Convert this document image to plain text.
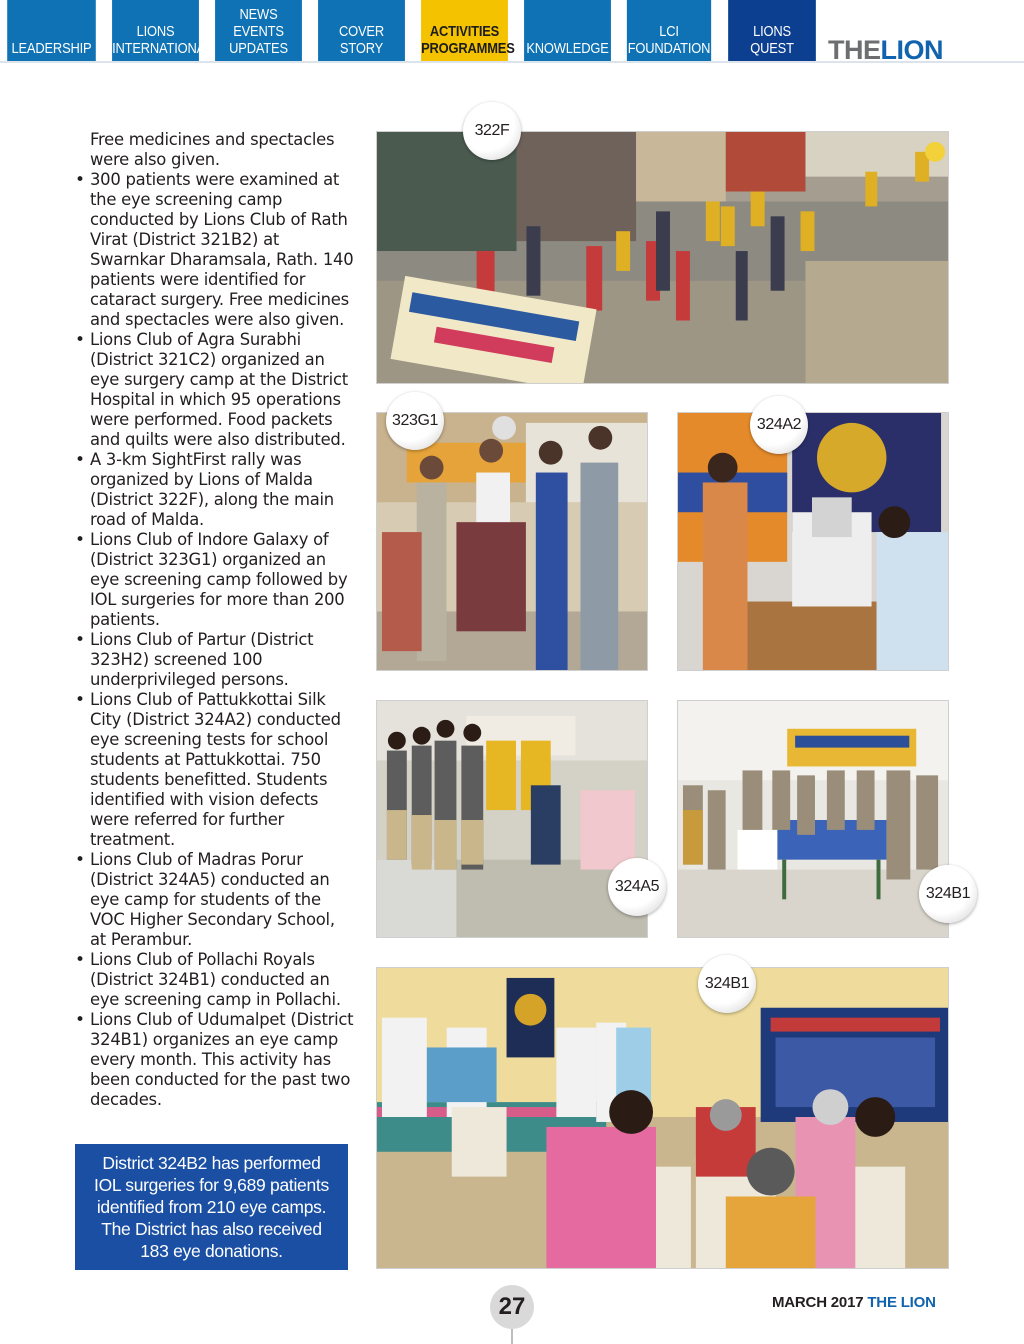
LEADERSHIP
LIONS
INTERNATIONAL
NEWS
EVENTS
UPDATES
COVER STORY
ACTIVITIES
PROGRAMMES KNOWLEDGE
LCI
FOUNDATION
LIONS
QUEST	THELION

Free medicines and spectacles were also given.

• 300 patients were examined at the eye screening camp conducted by Lions Club of Rath Virat (District 321B2) at Swarnkar Dharamsala, Rath. 140 patients were identified for cataract surgery. Free medicines and spectacles were also given.
• Lions Club of Agra Surabhi (District 321C2) organized an eye surgery camp at the District Hospital in which 95 operations were performed. Food packets and quilts were also distributed.
• A 3-km SightFirst rally was organized by Lions of Malda (District 322F), along the main road of Malda.
• Lions Club of Indore Galaxy of (District 323G1) organized an eye screening camp followed by IOL surgeries for more than 200 patients.
• Lions Club of Partur (District 323H2) screened 100 underprivileged persons.
• Lions Club of Pattukkottai Silk City (District 324A2) conducted eye screening tests for school students at Pattukkottai. 750 students benefitted. Students identified with vision defects were referred for further treatment.
• Lions Club of Madras Porur (District 324A5) conducted an eye camp for students of the VOC Higher Secondary School, at Perambur.
• Lions Club of Pollachi Royals (District 324B1) conducted an eye screening camp in Pollachi.
• Lions Club of Udumalpet (District 324B1) organizes an eye camp every month. This activity has been conducted for the past two decades.
District 324B2 has performed
IOL surgeries for 9,689 patients
identified from 210 eye camps.
The District has also received
183 eye donations.
322F
323G1	324A2
324A5	324B1
324B1
27	MARCH 2017 THE LION
